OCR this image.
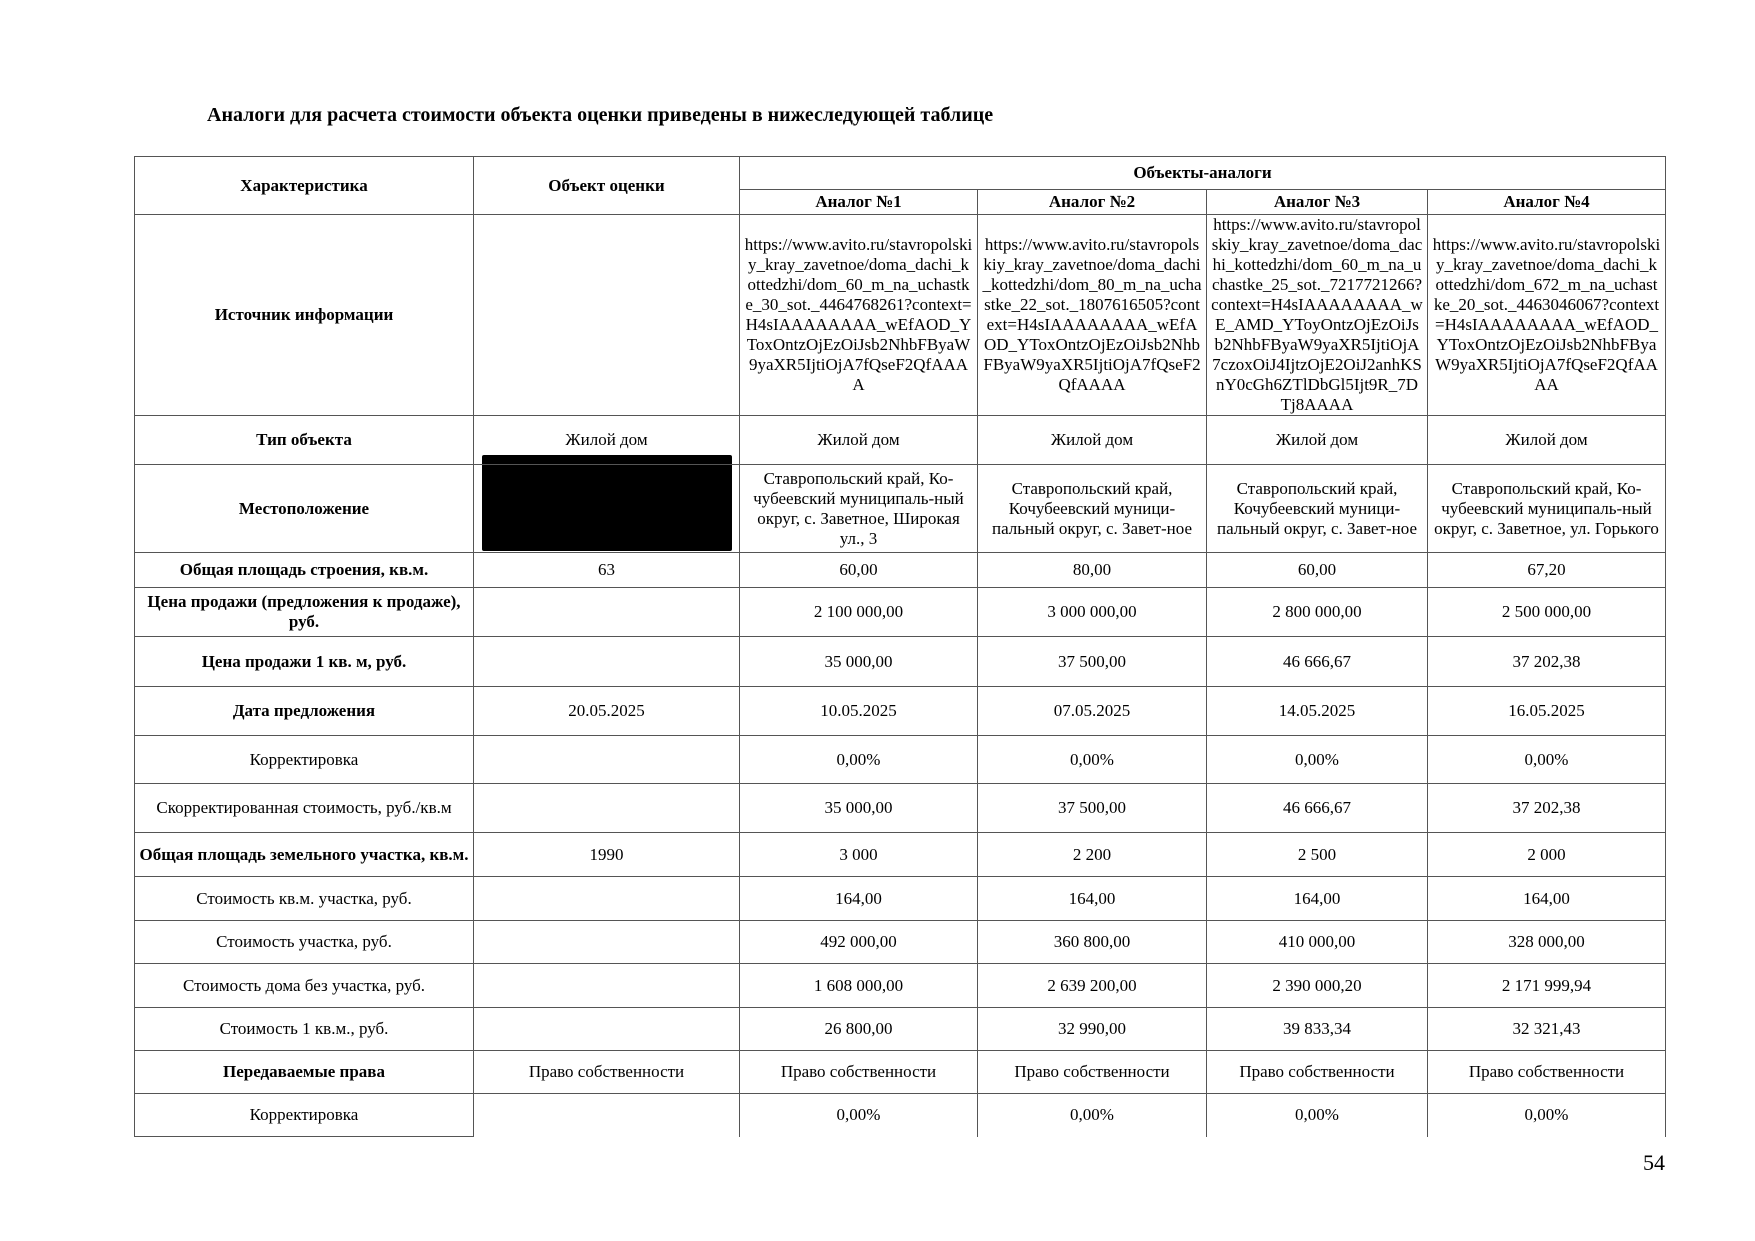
Аналоги для расчета стоимости объекта оценки приведены в нижеследующей таблице
Характеристика	Объект оценки	Объекты-аналоги			
		Аналог №1	Аналог №2	Аналог №3	Аналог №4
Источник информации		https://www.avito.ru/stavropolskiy_kray_zavetnoe/doma_dachi_kottedzhi/dom_60_m_na_uchastke_30_sot._4464768261?context=H4sIAAAAAAAA_wEfAOD_YToxOntzOjEzOiJsb2NhbFByaW9yaXR5IjtiOjA7fQseF2QfAAAA	https://www.avito.ru/stavropolskiy_kray_zavetnoe/doma_dachi_kottedzhi/dom_80_m_na_uchastke_22_sot._1807616505?context=H4sIAAAAAAAA_wEfAOD_YToxOntzOjEzOiJsb2NhbFByaW9yaXR5IjtiOjA7fQseF2QfAAAA	https://www.avito.ru/stavropolskiy_kray_zavetnoe/doma_dachi_kottedzhi/dom_60_m_na_uchastke_25_sot._7217721266?context=H4sIAAAAAAAA_wE_AMD_YToyOntzOjEzOiJsb2NhbFByaW9yaXR5IjtiOjA7czoxOiJ4IjtzOjE2OiJ2anhKSnY0cGh6ZTlDbGl5Ijt9R_7DTj8AAAA	https://www.avito.ru/stavropolskiy_kray_zavetnoe/doma_dachi_kottedzhi/dom_672_m_na_uchastke_20_sot._4463046067?context=H4sIAAAAAAAA_wEfAOD_YToxOntzOjEzOiJsb2NhbFByaW9yaXR5IjtiOjA7fQseF2QfAAAA
Тип объекта	Жилой дом	Жилой дом	Жилой дом	Жилой дом	Жилой дом
Местоположение		Ставропольский край, Ко-чубеевский муниципаль-ный округ, с. Заветное, Широкая ул., 3	Ставропольский край, Кочубеевский муници-пальный округ, с. Завет-ное	Ставропольский край, Кочубеевский муници-пальный округ, с. Завет-ное	Ставропольский край, Ко-чубеевский муниципаль-ный округ, с. Заветное, ул. Горького
Общая площадь строения, кв.м.	63	60,00	80,00	60,00	67,20
Цена продажи (предложения к продаже), руб.		2 100 000,00	3 000 000,00	2 800 000,00	2 500 000,00
Цена продажи 1 кв. м, руб.		35 000,00	37 500,00	46 666,67	37 202,38
Дата предложения	20.05.2025	10.05.2025	07.05.2025	14.05.2025	16.05.2025
Корректировка		0,00%	0,00%	0,00%	0,00%
Скорректированная стоимость, руб./кв.м		35 000,00	37 500,00	46 666,67	37 202,38
Общая площадь земельного участка, кв.м.	1990	3 000	2 200	2 500	2 000
Стоимость кв.м. участка, руб.		164,00	164,00	164,00	164,00
Стоимость участка, руб.		492 000,00	360 800,00	410 000,00	328 000,00
Стоимость дома без участка, руб.		1 608 000,00	2 639 200,00	2 390 000,20	2 171 999,94
Стоимость 1 кв.м., руб.		26 800,00	32 990,00	39 833,34	32 321,43
Передаваемые права	Право собственности	Право собственности	Право собственности	Право собственности	Право собственности
Корректировка		0,00%	0,00%	0,00%	0,00%
54
